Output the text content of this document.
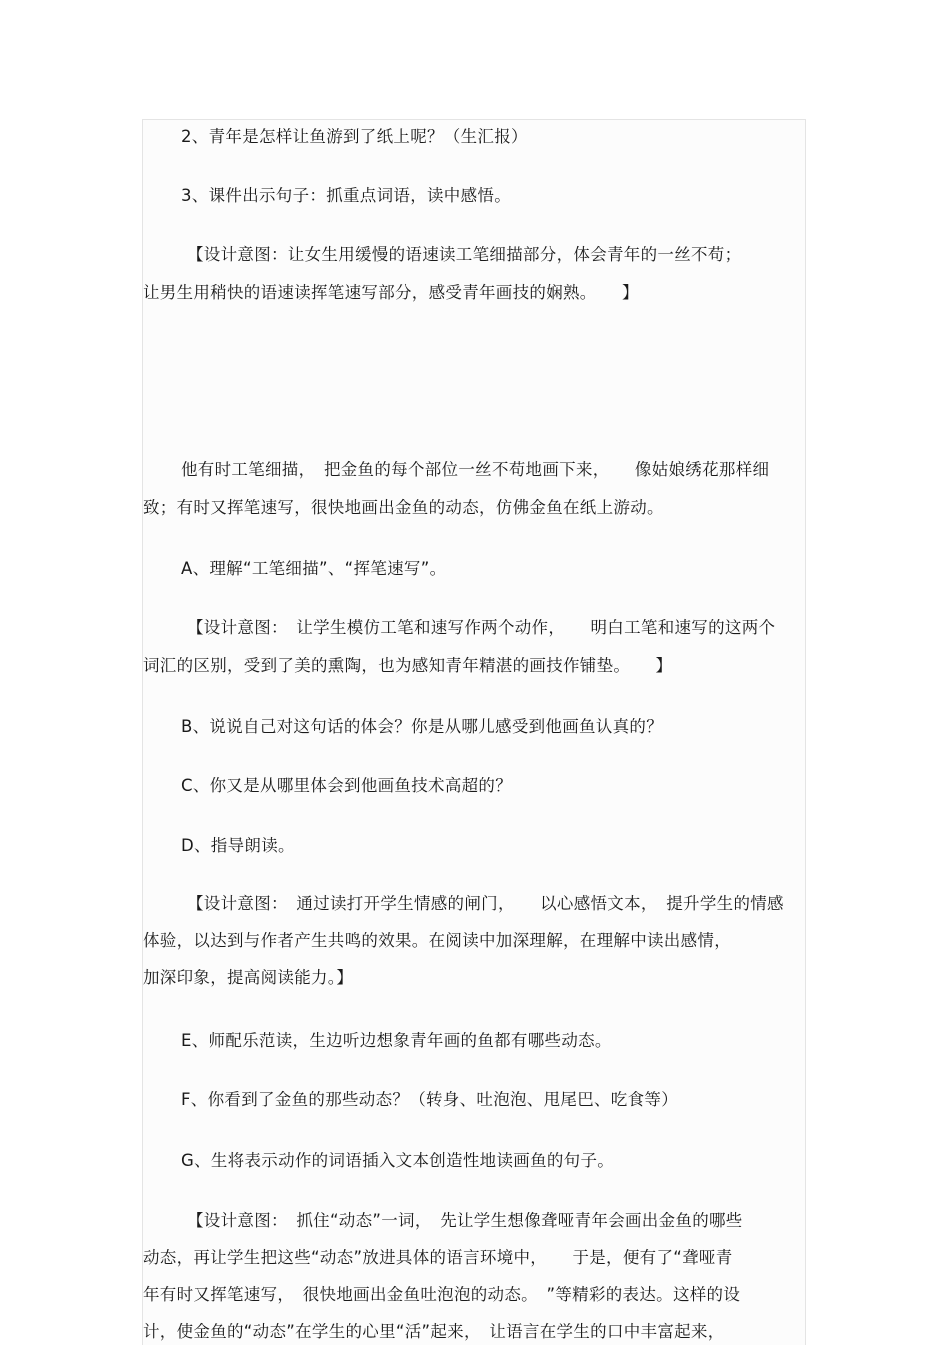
2、青年是怎样让鱼游到了纸上呢？（生汇报）
3、课件出示句子：抓重点词语，读中感悟。
【设计意图：让女生用缓慢的语速读工笔细描部分，体会青年的一丝不苟；
让男生用稍快的语速读挥笔速写部分，感受青年画技的娴熟。　　】
他有时工笔细描，　把金鱼的每个部位一丝不苟地画下来，　　像姑娘绣花那样细
致；有时又挥笔速写，很快地画出金鱼的动态，仿佛金鱼在纸上游动。
A、理解“工笔细描”、“挥笔速写”。
【设计意图：　让学生模仿工笔和速写作两个动作，　　明白工笔和速写的这两个
词汇的区别，受到了美的熏陶，也为感知青年精湛的画技作铺垫。　　】
B、说说自己对这句话的体会？你是从哪儿感受到他画鱼认真的？
C、你又是从哪里体会到他画鱼技术高超的？
D、指导朗读。
【设计意图：　通过读打开学生情感的闸门，　　以心感悟文本，　提升学生的情感
体验，以达到与作者产生共鸣的效果。在阅读中加深理解，在理解中读出感情，
加深印象，提高阅读能力。】
E、师配乐范读，生边听边想象青年画的鱼都有哪些动态。
F、你看到了金鱼的那些动态？（转身、吐泡泡、甩尾巴、吃食等）
G、生将表示动作的词语插入文本创造性地读画鱼的句子。
【设计意图：　抓住“动态”一词，　先让学生想像聋哑青年会画出金鱼的哪些
动态，再让学生把这些“动态”放进具体的语言环境中，　　于是，便有了“聋哑青
年有时又挥笔速写，　很快地画出金鱼吐泡泡的动态。　”等精彩的表达。这样的设
计，使金鱼的“动态”在学生的心里“活”起来，　让语言在学生的口中丰富起来，
